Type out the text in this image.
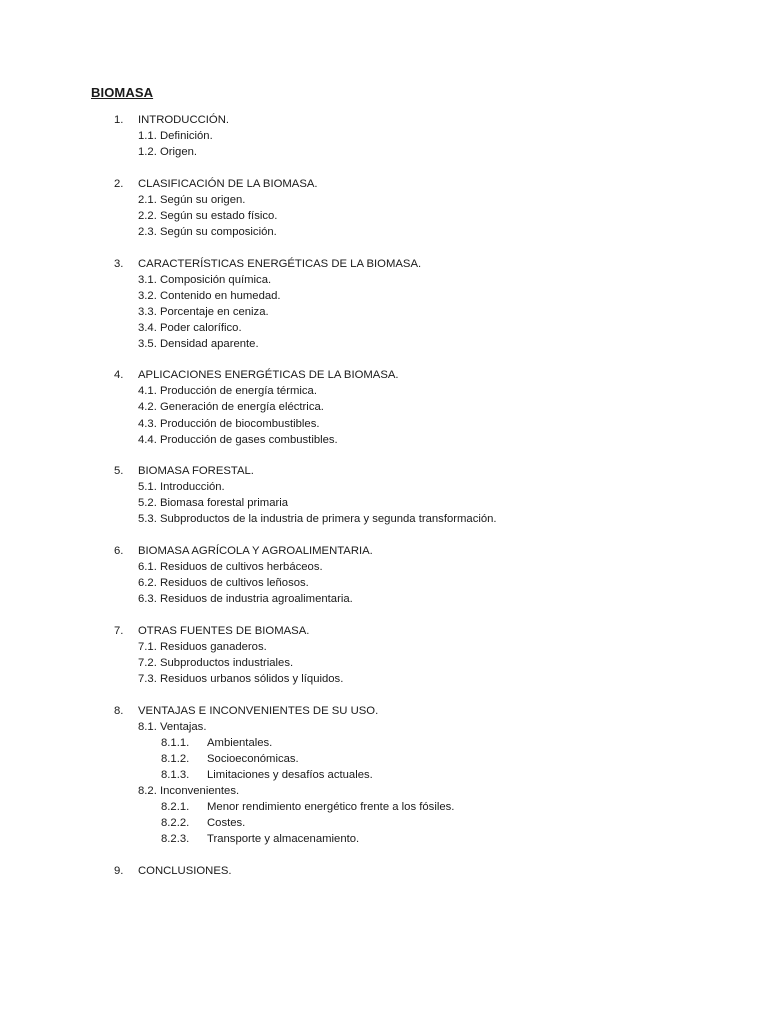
BIOMASA
1. INTRODUCCIÓN.
1.1. Definición.
1.2. Origen.
2. CLASIFICACIÓN DE LA BIOMASA.
2.1. Según su origen.
2.2. Según su estado físico.
2.3. Según su composición.
3. CARACTERÍSTICAS ENERGÉTICAS DE LA BIOMASA.
3.1. Composición química.
3.2. Contenido en humedad.
3.3. Porcentaje en ceniza.
3.4. Poder calorífico.
3.5. Densidad aparente.
4. APLICACIONES ENERGÉTICAS DE LA BIOMASA.
4.1. Producción de energía térmica.
4.2. Generación de energía eléctrica.
4.3. Producción de biocombustibles.
4.4. Producción de gases combustibles.
5. BIOMASA FORESTAL.
5.1. Introducción.
5.2. Biomasa forestal primaria
5.3. Subproductos de la industria de primera y segunda transformación.
6. BIOMASA AGRÍCOLA Y AGROALIMENTARIA.
6.1. Residuos de cultivos herbáceos.
6.2. Residuos de cultivos leñosos.
6.3. Residuos de industria agroalimentaria.
7. OTRAS FUENTES DE BIOMASA.
7.1. Residuos ganaderos.
7.2. Subproductos industriales.
7.3. Residuos urbanos sólidos y líquidos.
8. VENTAJAS E INCONVENIENTES DE SU USO.
8.1. Ventajas.
8.1.1. Ambientales.
8.1.2. Socioeconómicas.
8.1.3. Limitaciones y desafíos actuales.
8.2. Inconvenientes.
8.2.1. Menor rendimiento energético frente a los fósiles.
8.2.2. Costes.
8.2.3. Transporte y almacenamiento.
9. CONCLUSIONES.
